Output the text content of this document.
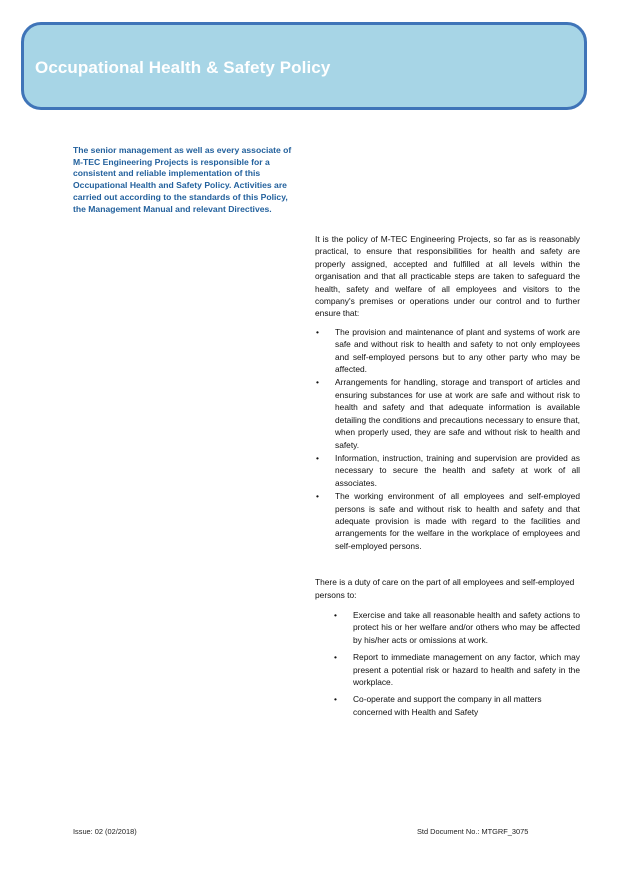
Occupational Health & Safety Policy

The senior management as well as every associate of M-TEC Engineering Projects is responsible for a consistent and reliable implementation of this Occupational Health and Safety Policy. Activities are carried out according to the standards of this Policy, the Management Manual and relevant Directives.

It is the policy of M-TEC Engineering Projects, so far as is reasonably practical, to ensure that responsibilities for health and safety are properly assigned, accepted and fulfilled at all levels within the organisation and that all practicable steps are taken to safeguard the health, safety and welfare of all employees and visitors to the company's premises or operations under our control and to further ensure that:

• The provision and maintenance of plant and systems of work are safe and without risk to health and safety to not only employees and self-employed persons but to any other party who may be affected.
• Arrangements for handling, storage and transport of articles and ensuring substances for use at work are safe and without risk to health and safety and that adequate information is available detailing the conditions and precautions necessary to ensure that, when properly used, they are safe and without risk to health and safety.
• Information, instruction, training and supervision are provided as necessary to secure the health and safety at work of all associates.
• The working environment of all employees and self-employed persons is safe and without risk to health and safety and that adequate provision is made with regard to the facilities and arrangements for the welfare in the workplace of employees and self-employed persons.

There is a duty of care on the part of all employees and self-employed persons to:

• Exercise and take all reasonable health and safety actions to protect his or her welfare and/or others who may be affected by his/her acts or omissions at work.
• Report to immediate management on any factor, which may present a potential risk or hazard to health and safety in the workplace.
• Co-operate and support the company in all matters concerned with Health and Safety
Issue: 02 (02/2018)	Std Document No.: MTGRF_3075
